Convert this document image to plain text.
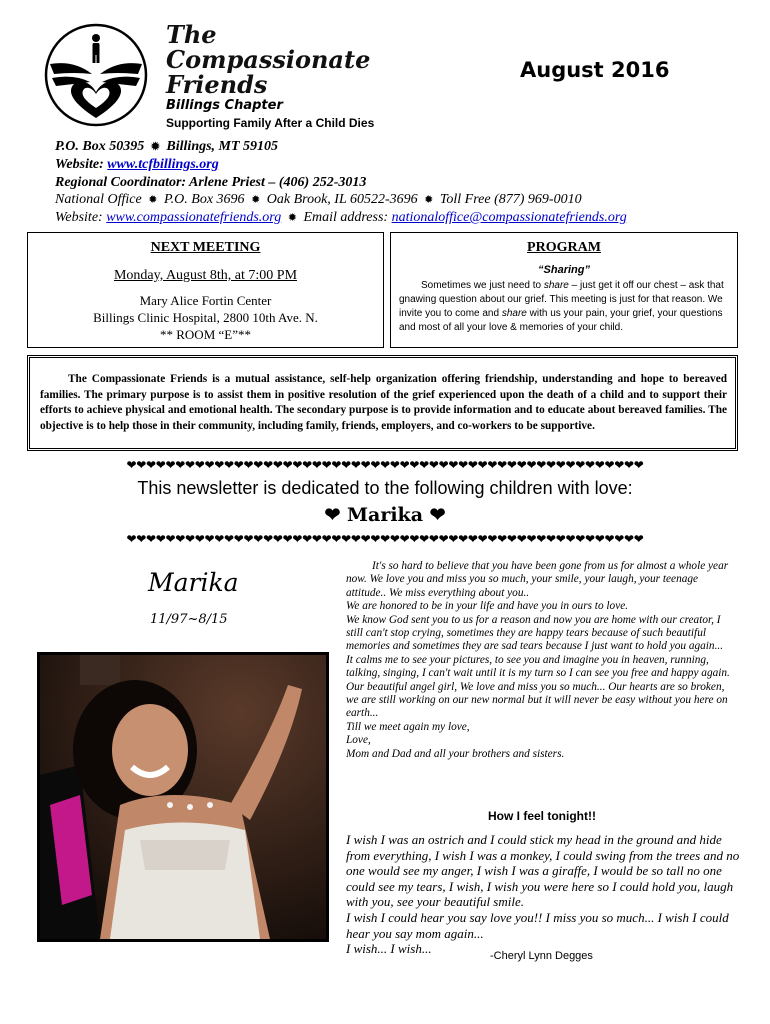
The
Compassionate
Friends
Billings Chapter
Supporting Family After a Child Dies
August 2016
P.O. Box 50395 ✹ Billings, MT 59105
Website: www.tcfbillings.org
Regional Coordinator: Arlene Priest – (406) 252-3013
National Office ✹ P.O. Box 3696 ✹ Oak Brook, IL 60522-3696 ✹ Toll Free (877) 969-0010
Website: www.compassionatefriends.org ✹ Email address: nationaloffice@compassionatefriends.org
NEXT MEETING
Monday, August 8th, at 7:00 PM
Mary Alice Fortin Center
Billings Clinic Hospital, 2800 10th Ave. N.
** ROOM “E”**
PROGRAM
“Sharing”
Sometimes we just need to share – just get it off our chest – ask that gnawing question about our grief. This meeting is just for that reason. We invite you to come and share with us your pain, your grief, your questions and most of all your love & memories of your child.
The Compassionate Friends is a mutual assistance, self-help organization offering friendship, understanding and hope to bereaved families. The primary purpose is to assist them in positive resolution of the grief experienced upon the death of a child and to support their efforts to achieve physical and emotional health. The secondary purpose is to provide information and to educate about bereaved families. The objective is to help those in their community, including family, friends, employers, and co-workers to be supportive.
❤❤❤❤❤❤❤❤❤❤❤❤❤❤❤❤❤❤❤❤❤❤❤❤❤❤❤❤❤❤❤❤❤❤❤❤❤❤❤❤❤❤❤❤❤❤❤❤❤❤❤❤❤
This newsletter is dedicated to the following children with love:
❤ Marika ❤
❤❤❤❤❤❤❤❤❤❤❤❤❤❤❤❤❤❤❤❤❤❤❤❤❤❤❤❤❤❤❤❤❤❤❤❤❤❤❤❤❤❤❤❤❤❤❤❤❤❤❤❤❤
Marika
11/97~8/15

It's so hard to believe that you have been gone from us for almost a whole year now. We love you and miss you so much, your smile, your laugh, your teenage attitude.. We miss everything about you..

We are honored to be in your life and have you in ours to love.

We know God sent you to us for a reason and now you are home with our creator, I still can't stop crying, sometimes they are happy tears because of such beautiful memories and sometimes they are sad tears because I just want to hold you again...

It calms me to see your pictures, to see you and imagine you in heaven, running, talking, singing, I can't wait until it is my turn so I can see you free and happy again.

Our beautiful angel girl, We love and miss you so much... Our hearts are so broken, we are still working on our new normal but it will never be easy without you here on earth...

Till we meet again my love,

Love,

Mom and Dad and all your brothers and sisters.

How I feel tonight!!

I wish I was an ostrich and I could stick my head in the ground and hide from everything, I wish I was a monkey, I could swing from the trees and no one would see my anger, I wish I was a giraffe, I would be so tall no one could see my tears, I wish, I wish you were here so I could hold you, laugh with you, see your beautiful smile.

I wish I could hear you say love you!! I miss you so much... I wish I could hear you say mom again...

I wish... I wish...	-Cheryl Lynn Degges
